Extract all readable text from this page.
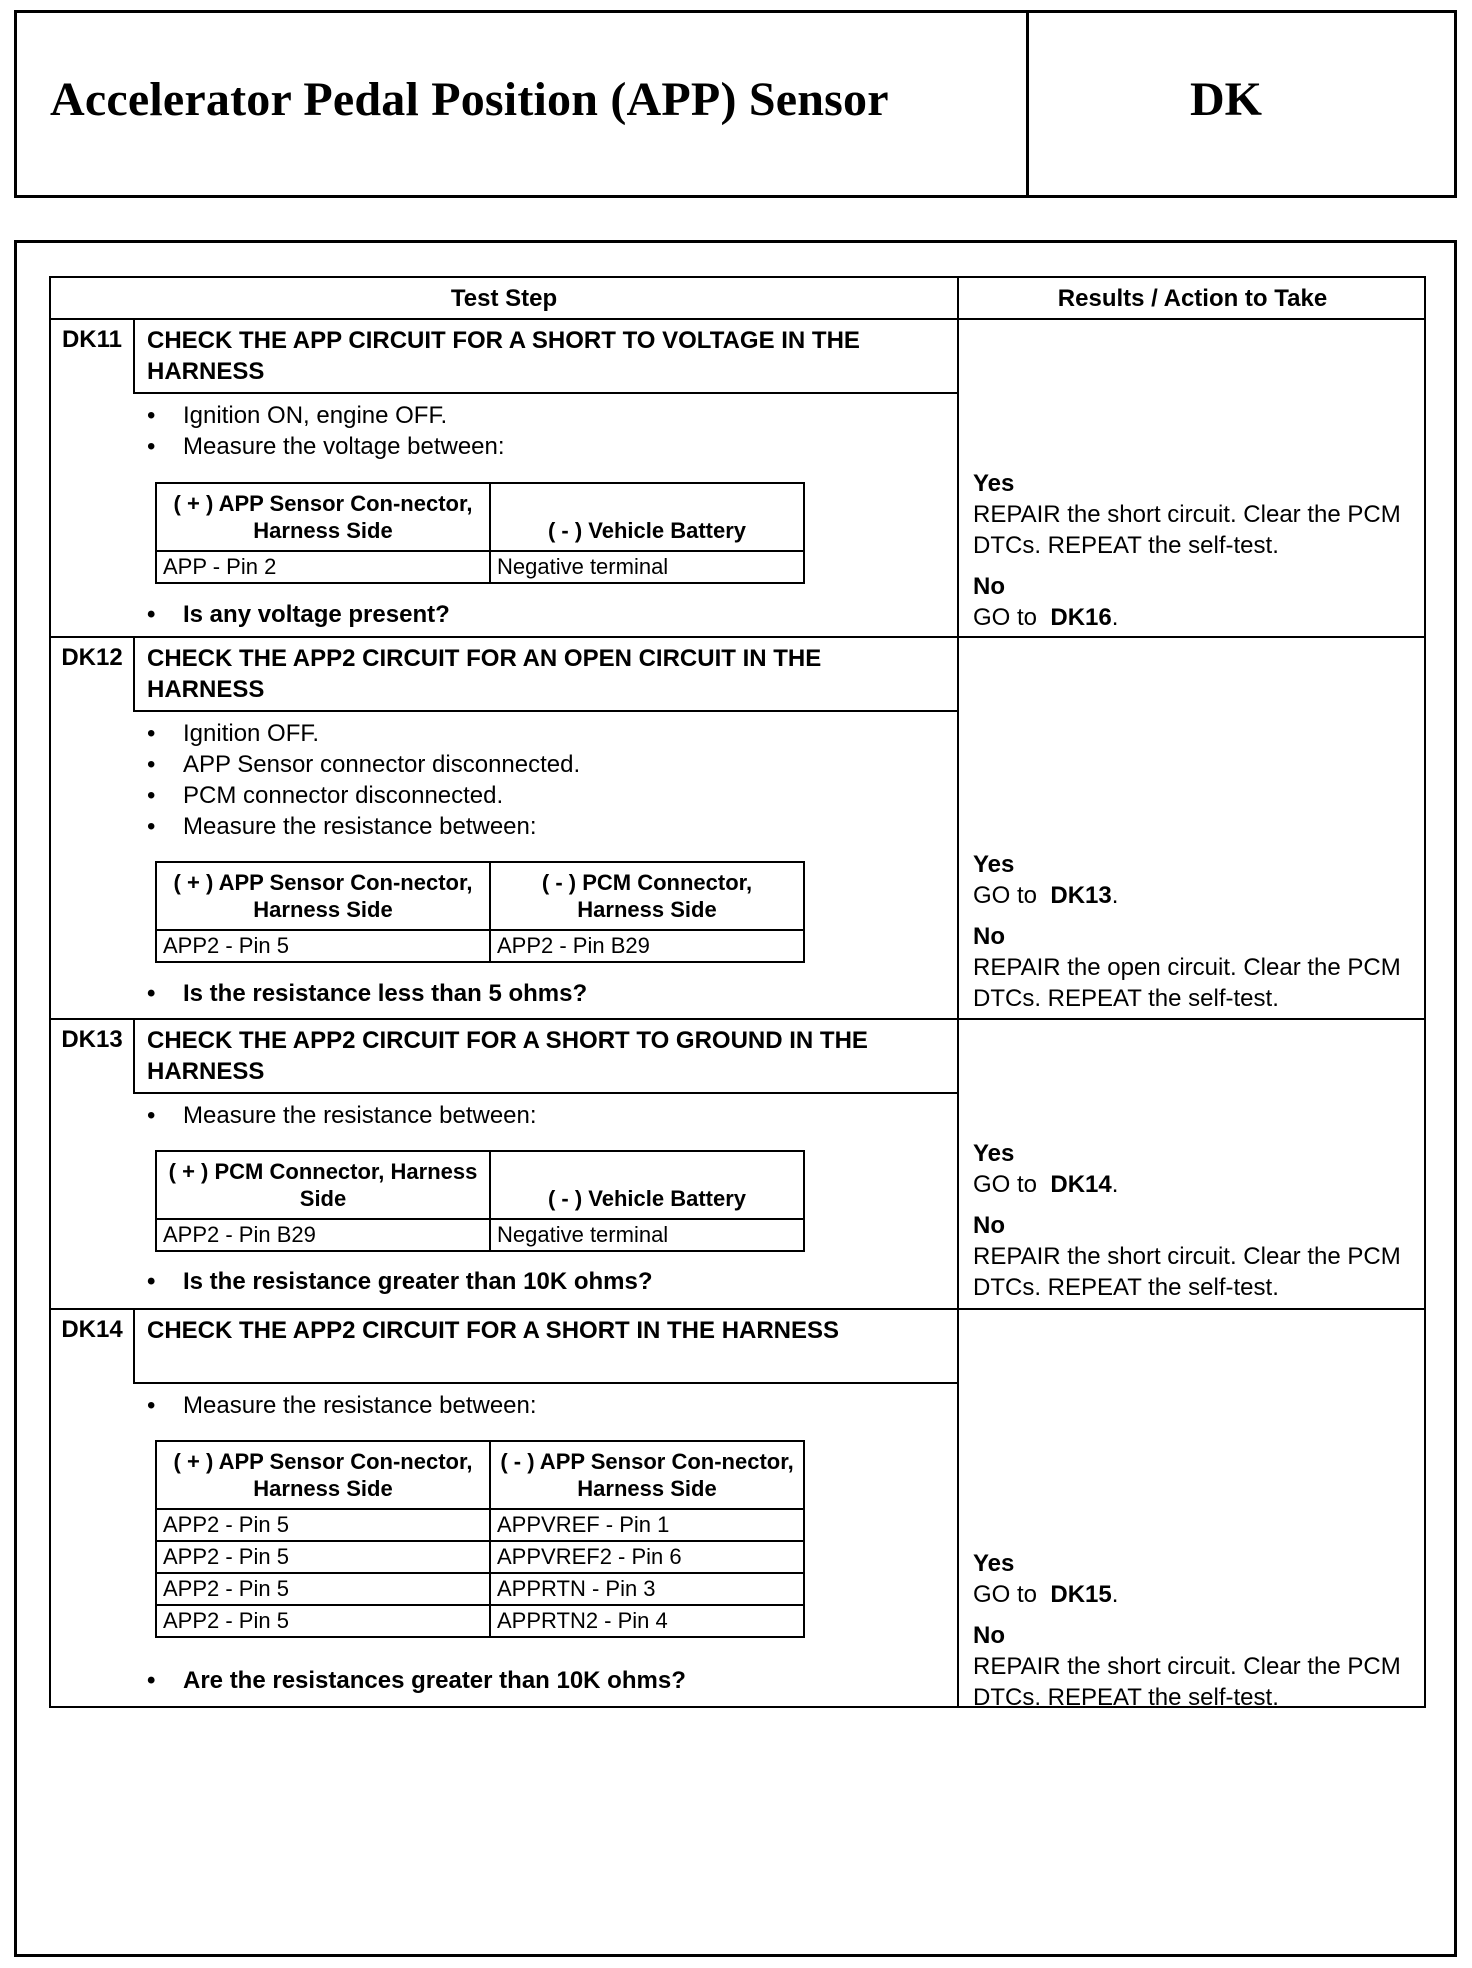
Accelerator Pedal Position (APP) Sensor	DK
Test Step	Results / Action to Take
DK11	CHECK THE APP CIRCUIT FOR A SHORT TO VOLTAGE IN THE HARNESS
• Ignition ON, engine OFF.
• Measure the voltage between:
( + ) APP Sensor Con-nector, Harness Side	( - ) Vehicle Battery
APP - Pin 2	Negative terminal
• Is any voltage present?
Yes
REPAIR the short circuit. Clear the PCM DTCs. REPEAT the self-test.
No
GO to DK16.
DK12	CHECK THE APP2 CIRCUIT FOR AN OPEN CIRCUIT IN THE HARNESS
• Ignition OFF.
• APP Sensor connector disconnected.
• PCM connector disconnected.
• Measure the resistance between:
( + ) APP Sensor Con-nector, Harness Side	( - ) PCM Connector, Harness Side
APP2 - Pin 5	APP2 - Pin B29
• Is the resistance less than 5 ohms?
Yes
GO to DK13.
No
REPAIR the open circuit. Clear the PCM DTCs. REPEAT the self-test.
DK13	CHECK THE APP2 CIRCUIT FOR A SHORT TO GROUND IN THE HARNESS
• Measure the resistance between:
( + ) PCM Connector, Harness Side	( - ) Vehicle Battery
APP2 - Pin B29	Negative terminal
• Is the resistance greater than 10K ohms?
Yes
GO to DK14.
No
REPAIR the short circuit. Clear the PCM DTCs. REPEAT the self-test.
DK14	CHECK THE APP2 CIRCUIT FOR A SHORT IN THE HARNESS
• Measure the resistance between:
( + ) APP Sensor Con-nector, Harness Side	( - ) APP Sensor Con-nector, Harness Side
APP2 - Pin 5	APPVREF - Pin 1
APP2 - Pin 5	APPVREF2 - Pin 6
APP2 - Pin 5	APPRTN - Pin 3
APP2 - Pin 5	APPRTN2 - Pin 4
• Are the resistances greater than 10K ohms?
Yes
GO to DK15.
No
REPAIR the short circuit. Clear the PCM DTCs. REPEAT the self-test.
